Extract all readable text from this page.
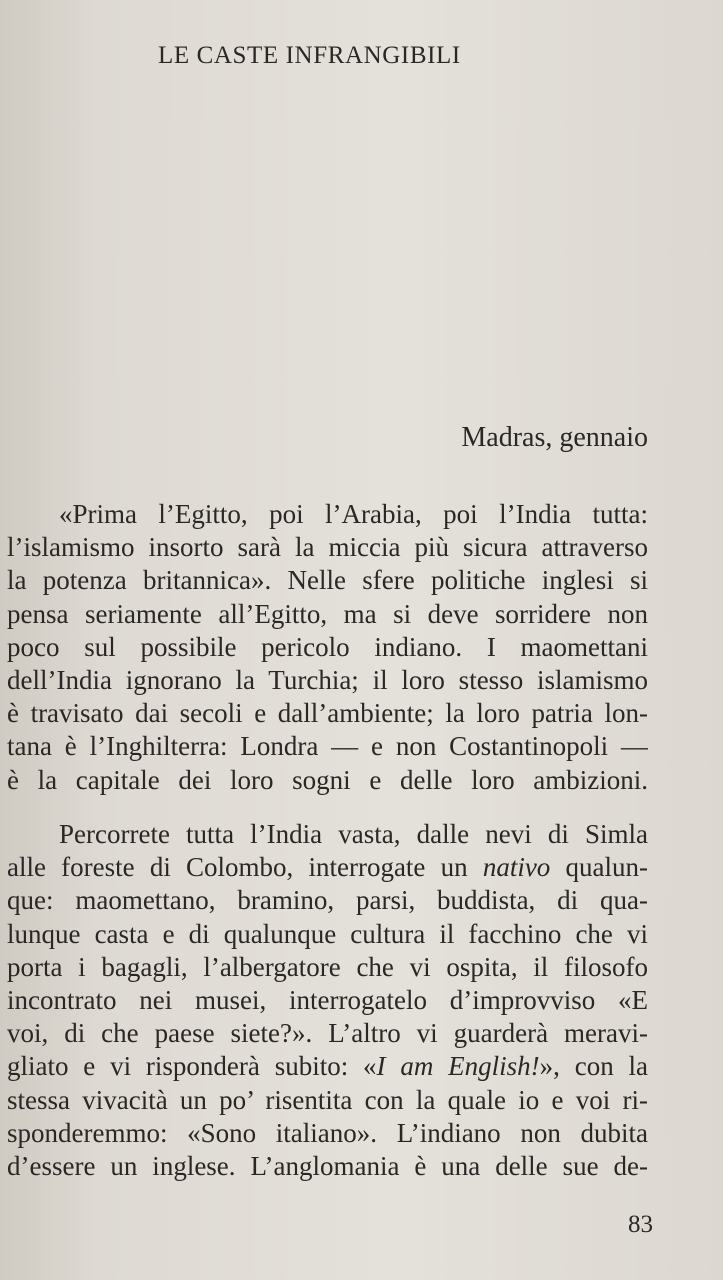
LE CASTE INFRANGIBILI
Madras, gennaio
«Prima l’Egitto, poi l’Arabia, poi l’India tutta:
l’islamismo insorto sarà la miccia più sicura attraverso
la potenza britannica». Nelle sfere politiche inglesi si
pensa seriamente all’Egitto, ma si deve sorridere non
poco sul possibile pericolo indiano. I maomettani
dell’India ignorano la Turchia; il loro stesso islamismo
è travisato dai secoli e dall’ambiente; la loro patria lon-
tana è l’Inghilterra: Londra — e non Costantinopoli —
è la capitale dei loro sogni e delle loro ambizioni.
Percorrete tutta l’India vasta, dalle nevi di Simla
alle foreste di Colombo, interrogate un nativo qualun-
que: maomettano, bramino, parsi, buddista, di qua-
lunque casta e di qualunque cultura il facchino che vi
porta i bagagli, l’albergatore che vi ospita, il filosofo
incontrato nei musei, interrogatelo d’improvviso «E
voi, di che paese siete?». L’altro vi guarderà meravi-
gliato e vi risponderà subito: «I am English!», con la
stessa vivacità un po’ risentita con la quale io e voi ri-
sponderemmo: «Sono italiano». L’indiano non dubita
d’essere un inglese. L’anglomania è una delle sue de-
83
